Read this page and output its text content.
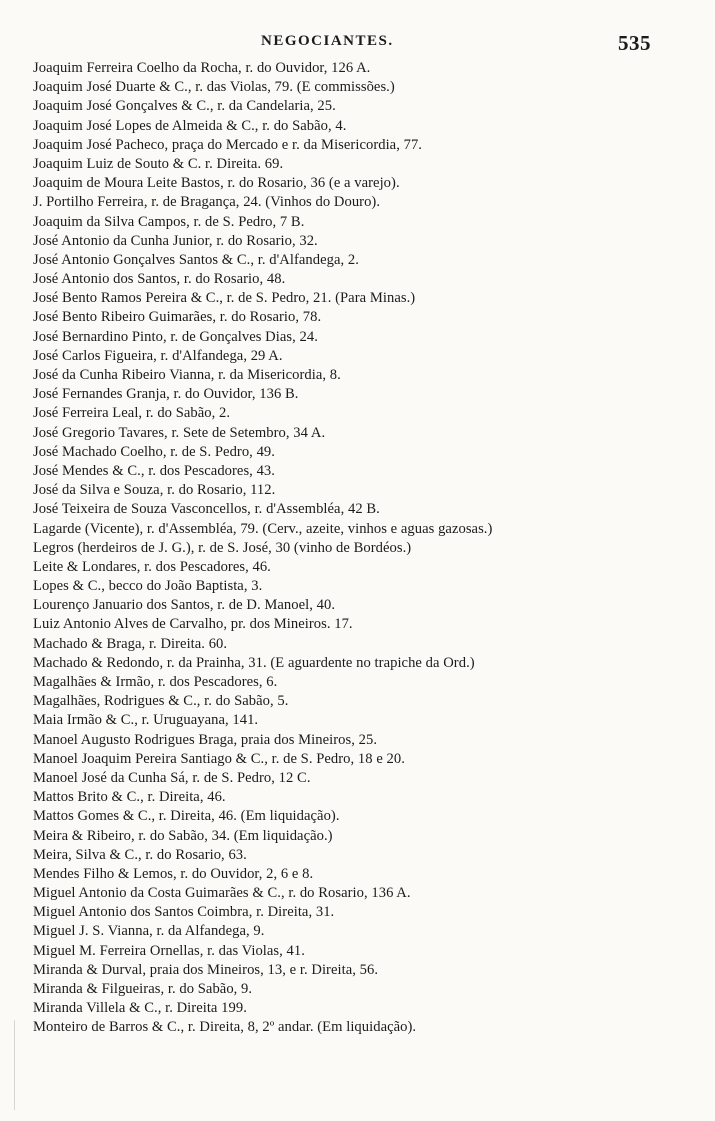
NEGOCIANTES.	535
Joaquim Ferreira Coelho da Rocha, r. do Ouvidor, 126 A.
Joaquim José Duarte & C., r. das Violas, 79. (E commissões.)
Joaquim José Gonçalves & C., r. da Candelaria, 25.
Joaquim José Lopes de Almeida & C., r. do Sabão, 4.
Joaquim José Pacheco, praça do Mercado e r. da Misericordia, 77.
Joaquim Luiz de Souto & C. r. Direita. 69.
Joaquim de Moura Leite Bastos, r. do Rosario, 36 (e a varejo).
J. Portilho Ferreira, r. de Bragança, 24. (Vinhos do Douro).
Joaquim da Silva Campos, r. de S. Pedro, 7 B.
José Antonio da Cunha Junior, r. do Rosario, 32.
José Antonio Gonçalves Santos & C., r. d'Alfandega, 2.
José Antonio dos Santos, r. do Rosario, 48.
José Bento Ramos Pereira & C., r. de S. Pedro, 21. (Para Minas.)
José Bento Ribeiro Guimarães, r. do Rosario, 78.
José Bernardino Pinto, r. de Gonçalves Dias, 24.
José Carlos Figueira, r. d'Alfandega, 29 A.
José da Cunha Ribeiro Vianna, r. da Misericordia, 8.
José Fernandes Granja, r. do Ouvidor, 136 B.
José Ferreira Leal, r. do Sabão, 2.
José Gregorio Tavares, r. Sete de Setembro, 34 A.
José Machado Coelho, r. de S. Pedro, 49.
José Mendes & C., r. dos Pescadores, 43.
José da Silva e Souza, r. do Rosario, 112.
José Teixeira de Souza Vasconcellos, r. d'Assembléa, 42 B.
Lagarde (Vicente), r. d'Assembléa, 79. (Cerv., azeite, vinhos e aguas gazosas.)
Legros (herdeiros de J. G.), r. de S. José, 30 (vinho de Bordéos.)
Leite & Londares, r. dos Pescadores, 46.
Lopes & C., becco do João Baptista, 3.
Lourenço Januario dos Santos, r. de D. Manoel, 40.
Luiz Antonio Alves de Carvalho, pr. dos Mineiros. 17.
Machado & Braga, r. Direita. 60.
Machado & Redondo, r. da Prainha, 31. (E aguardente no trapiche da Ord.)
Magalhães & Irmão, r. dos Pescadores, 6.
Magalhães, Rodrigues & C., r. do Sabão, 5.
Maia Irmão & C., r. Uruguayana, 141.
Manoel Augusto Rodrigues Braga, praia dos Mineiros, 25.
Manoel Joaquim Pereira Santiago & C., r. de S. Pedro, 18 e 20.
Manoel José da Cunha Sá, r. de S. Pedro, 12 C.
Mattos Brito & C., r. Direita, 46.
Mattos Gomes & C., r. Direita, 46. (Em liquidação).
Meira & Ribeiro, r. do Sabão, 34. (Em liquidação.)
Meira, Silva & C., r. do Rosario, 63.
Mendes Filho & Lemos, r. do Ouvidor, 2, 6 e 8.
Miguel Antonio da Costa Guimarães & C., r. do Rosario, 136 A.
Miguel Antonio dos Santos Coimbra, r. Direita, 31.
Miguel J. S. Vianna, r. da Alfandega, 9.
Miguel M. Ferreira Ornellas, r. das Violas, 41.
Miranda & Durval, praia dos Mineiros, 13, e r. Direita, 56.
Miranda & Filgueiras, r. do Sabão, 9.
Miranda Villela & C., r. Direita 199.
Monteiro de Barros & C., r. Direita, 8, 2º andar. (Em liquidação).
